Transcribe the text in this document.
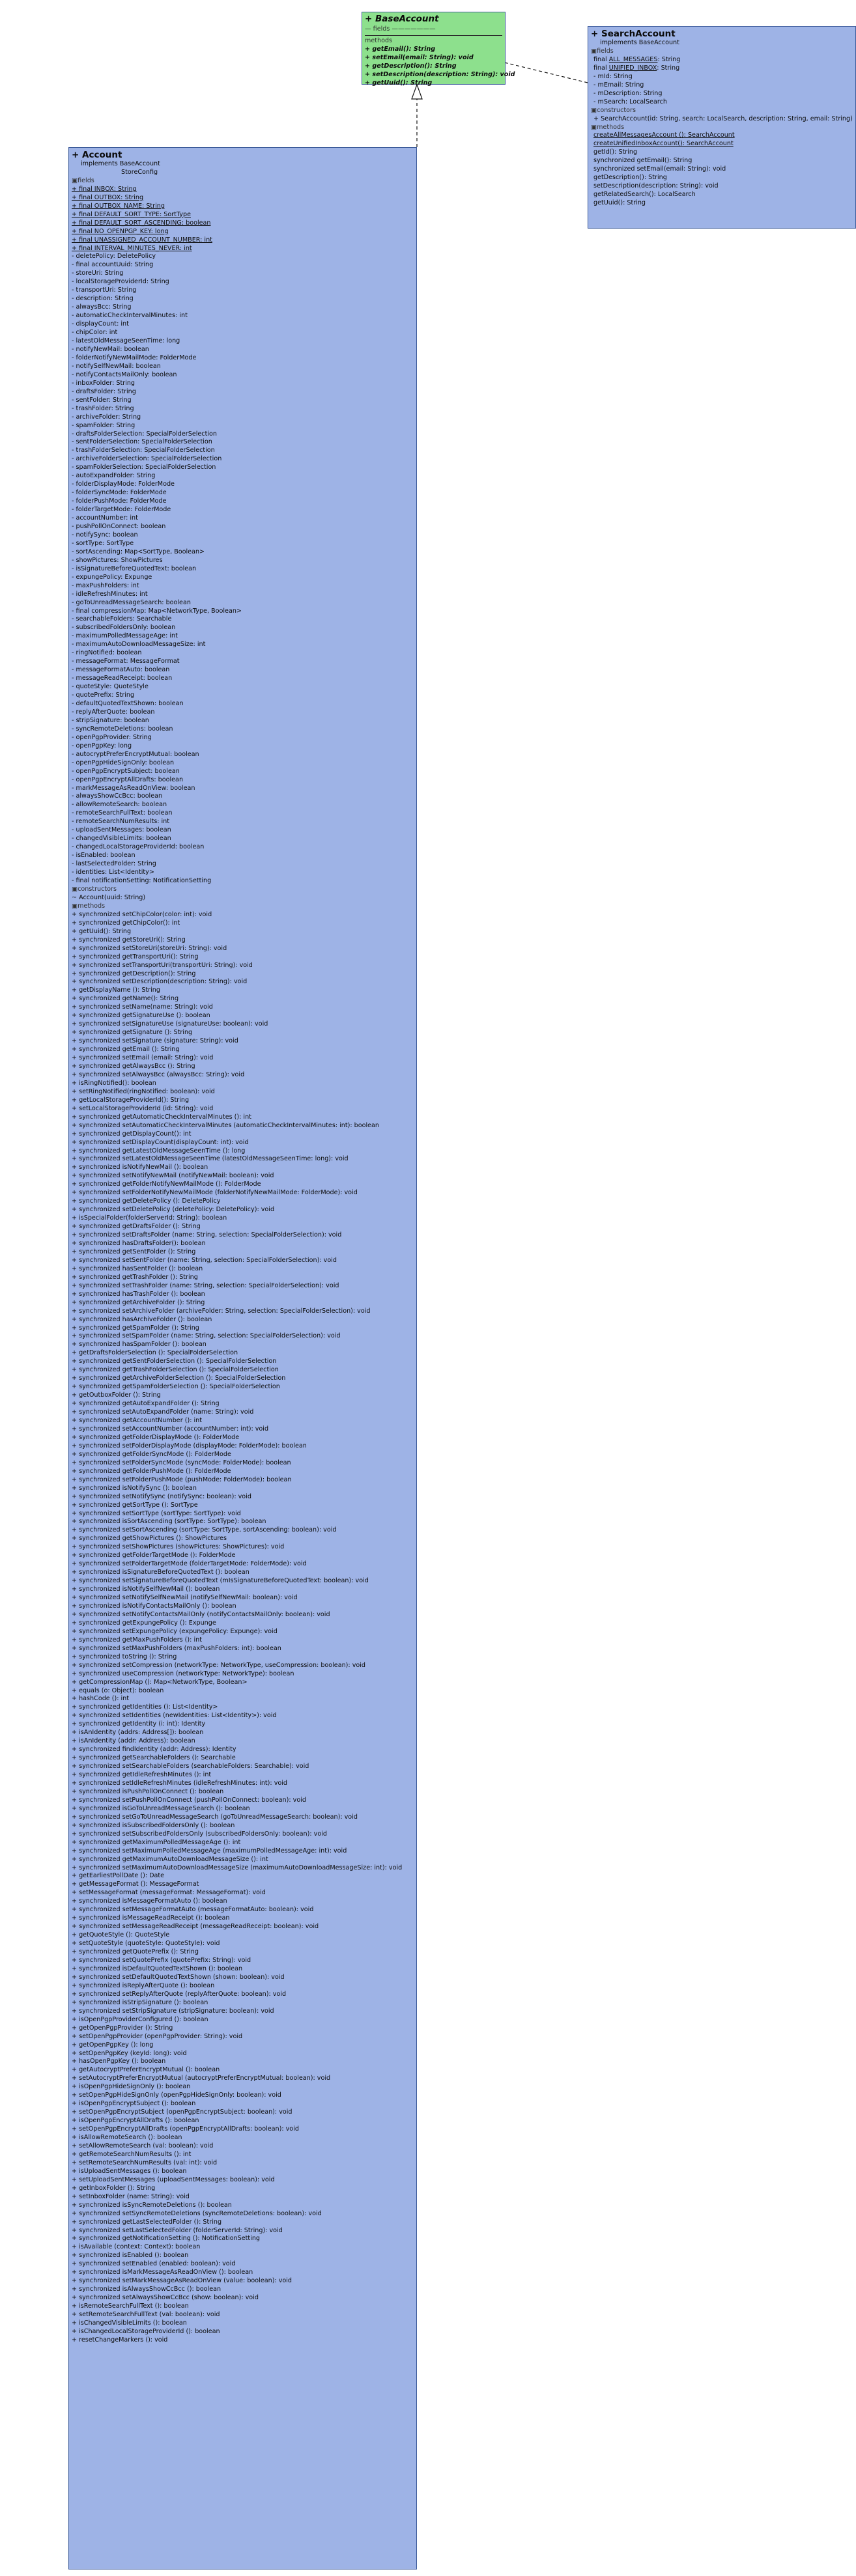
+ BaseAccount
— fields ———————
methods
+ getEmail(): String
+ setEmail(email: String): void
+ getDescription(): String
+ setDescription(description: String): void
+ getUuid(): String
+ SearchAccount
implements BaseAccount
▣fields
final ALL_MESSAGES: String
final UNIFIED_INBOX: String
- mId: String
- mEmail: String
- mDescription: String
- mSearch: LocalSearch
▣constructors
+ SearchAccount(id: String, search: LocalSearch, description: String, email: String)
▣methods
createAllMessagesAccount (): SearchAccount
createUnifiedInboxAccount(): SearchAccount
getId(): String
synchronized getEmail(): String
synchronized setEmail(email: String): void
getDescription(): String
setDescription(description: String): void
getRelatedSearch(): LocalSearch
getUuid(): String
+ Account
implements BaseAccount
StoreConfig
▣fields
+ final INBOX: String
+ final OUTBOX: String
+ final OUTBOX_NAME: String
+ final DEFAULT_SORT_TYPE: SortType
+ final DEFAULT_SORT_ASCENDING: boolean
+ final NO_OPENPGP_KEY: long
+ final UNASSIGNED_ACCOUNT_NUMBER: int
+ final INTERVAL_MINUTES_NEVER: int
- deletePolicy: DeletePolicy
- final accountUuid: String
- storeUri: String
- localStorageProviderId: String
- transportUri: String
- description: String
- alwaysBcc: String
- automaticCheckIntervalMinutes: int
- displayCount: int
- chipColor: int
- latestOldMessageSeenTime: long
- notifyNewMail: boolean
- folderNotifyNewMailMode: FolderMode
- notifySelfNewMail: boolean
- notifyContactsMailOnly: boolean
- inboxFolder: String
- draftsFolder: String
- sentFolder: String
- trashFolder: String
- archiveFolder: String
- spamFolder: String
- draftsFolderSelection: SpecialFolderSelection
- sentFolderSelection: SpecialFolderSelection
- trashFolderSelection: SpecialFolderSelection
- archiveFolderSelection: SpecialFolderSelection
- spamFolderSelection: SpecialFolderSelection
- autoExpandFolder: String
- folderDisplayMode: FolderMode
- folderSyncMode: FolderMode
- folderPushMode: FolderMode
- folderTargetMode: FolderMode
- accountNumber: int
- pushPollOnConnect: boolean
- notifySync: boolean
- sortType: SortType
- sortAscending: Map<SortType, Boolean>
- showPictures: ShowPictures
- isSignatureBeforeQuotedText: boolean
- expungePolicy: Expunge
- maxPushFolders: int
- idleRefreshMinutes: int
- goToUnreadMessageSearch: boolean
- final compressionMap: Map<NetworkType, Boolean>
- searchableFolders: Searchable
- subscribedFoldersOnly: boolean
- maximumPolledMessageAge: int
- maximumAutoDownloadMessageSize: int
- ringNotified: boolean
- messageFormat: MessageFormat
- messageFormatAuto: boolean
- messageReadReceipt: boolean
- quoteStyle: QuoteStyle
- quotePrefix: String
- defaultQuotedTextShown: boolean
- replyAfterQuote: boolean
- stripSignature: boolean
- syncRemoteDeletions: boolean
- openPgpProvider: String
- openPgpKey: long
- autocryptPreferEncryptMutual: boolean
- openPgpHideSignOnly: boolean
- openPgpEncryptSubject: boolean
- openPgpEncryptAllDrafts: boolean
- markMessageAsReadOnView: boolean
- alwaysShowCcBcc: boolean
- allowRemoteSearch: boolean
- remoteSearchFullText: boolean
- remoteSearchNumResults: int
- uploadSentMessages: boolean
- changedVisibleLimits: boolean
- changedLocalStorageProviderId: boolean
- isEnabled: boolean
- lastSelectedFolder: String
- identities: List<Identity>
- final notificationSetting: NotificationSetting
▣constructors
~ Account(uuid: String)
▣methods
+ synchronized setChipColor(color: int): void
+ synchronized getChipColor(): int
+ getUuid(): String
+ synchronized getStoreUri(): String
+ synchronized setStoreUri(storeUri: String): void
+ synchronized getTransportUri(): String
+ synchronized setTransportUri(transportUri: String): void
+ synchronized getDescription(): String
+ synchronized setDescription(description: String): void
+ getDisplayName (): String
+ synchronized getName(): String
+ synchronized setName(name: String): void
+ synchronized getSignatureUse (): boolean
+ synchronized setSignatureUse (signatureUse: boolean): void
+ synchronized getSignature (): String
+ synchronized setSignature (signature: String): void
+ synchronized getEmail (): String
+ synchronized setEmail (email: String): void
+ synchronized getAlwaysBcc (): String
+ synchronized setAlwaysBcc (alwaysBcc: String): void
+ isRingNotified(): boolean
+ setRingNotified(ringNotified: boolean): void
+ getLocalStorageProviderId(): String
+ setLocalStorageProviderId (id: String): void
+ synchronized getAutomaticCheckIntervalMinutes (): int
+ synchronized setAutomaticCheckIntervalMinutes (automaticCheckIntervalMinutes: int): boolean
+ synchronized getDisplayCount(): int
+ synchronized setDisplayCount(displayCount: int): void
+ synchronized getLatestOldMessageSeenTime (): long
+ synchronized setLatestOldMessageSeenTime (latestOldMessageSeenTime: long): void
+ synchronized isNotifyNewMail (): boolean
+ synchronized setNotifyNewMail (notifyNewMail: boolean): void
+ synchronized getFolderNotifyNewMailMode (): FolderMode
+ synchronized setFolderNotifyNewMailMode (folderNotifyNewMailMode: FolderMode): void
+ synchronized getDeletePolicy (): DeletePolicy
+ synchronized setDeletePolicy (deletePolicy: DeletePolicy): void
+ isSpecialFolder(folderServerId: String): boolean
+ synchronized getDraftsFolder (): String
+ synchronized setDraftsFolder (name: String, selection: SpecialFolderSelection): void
+ synchronized hasDraftsFolder(): boolean
+ synchronized getSentFolder (): String
+ synchronized setSentFolder (name: String, selection: SpecialFolderSelection): void
+ synchronized hasSentFolder (): boolean
+ synchronized getTrashFolder (): String
+ synchronized setTrashFolder (name: String, selection: SpecialFolderSelection): void
+ synchronized hasTrashFolder (): boolean
+ synchronized getArchiveFolder (): String
+ synchronized setArchiveFolder (archiveFolder: String, selection: SpecialFolderSelection): void
+ synchronized hasArchiveFolder (): boolean
+ synchronized getSpamFolder (): String
+ synchronized setSpamFolder (name: String, selection: SpecialFolderSelection): void
+ synchronized hasSpamFolder (): boolean
+ getDraftsFolderSelection (): SpecialFolderSelection
+ synchronized getSentFolderSelection (): SpecialFolderSelection
+ synchronized getTrashFolderSelection (): SpecialFolderSelection
+ synchronized getArchiveFolderSelection (): SpecialFolderSelection
+ synchronized getSpamFolderSelection (): SpecialFolderSelection
+ getOutboxFolder (): String
+ synchronized getAutoExpandFolder (): String
+ synchronized setAutoExpandFolder (name: String): void
+ synchronized getAccountNumber (): int
+ synchronized setAccountNumber (accountNumber: int): void
+ synchronized getFolderDisplayMode (): FolderMode
+ synchronized setFolderDisplayMode (displayMode: FolderMode): boolean
+ synchronized getFolderSyncMode (): FolderMode
+ synchronized setFolderSyncMode (syncMode: FolderMode): boolean
+ synchronized getFolderPushMode (): FolderMode
+ synchronized setFolderPushMode (pushMode: FolderMode): boolean
+ synchronized isNotifySync (): boolean
+ synchronized setNotifySync (notifySync: boolean): void
+ synchronized getSortType (): SortType
+ synchronized setSortType (sortType: SortType): void
+ synchronized isSortAscending (sortType: SortType): boolean
+ synchronized setSortAscending (sortType: SortType, sortAscending: boolean): void
+ synchronized getShowPictures (): ShowPictures
+ synchronized setShowPictures (showPictures: ShowPictures): void
+ synchronized getFolderTargetMode (): FolderMode
+ synchronized setFolderTargetMode (folderTargetMode: FolderMode): void
+ synchronized isSignatureBeforeQuotedText (): boolean
+ synchronized setSignatureBeforeQuotedText (mIsSignatureBeforeQuotedText: boolean): void
+ synchronized isNotifySelfNewMail (): boolean
+ synchronized setNotifySelfNewMail (notifySelfNewMail: boolean): void
+ synchronized isNotifyContactsMailOnly (): boolean
+ synchronized setNotifyContactsMailOnly (notifyContactsMailOnly: boolean): void
+ synchronized getExpungePolicy (): Expunge
+ synchronized setExpungePolicy (expungePolicy: Expunge): void
+ synchronized getMaxPushFolders (): int
+ synchronized setMaxPushFolders (maxPushFolders: int): boolean
+ synchronized toString (): String
+ synchronized setCompression (networkType: NetworkType, useCompression: boolean): void
+ synchronized useCompression (networkType: NetworkType): boolean
+ getCompressionMap (): Map<NetworkType, Boolean>
+ equals (o: Object): boolean
+ hashCode (): int
+ synchronized getIdentities (): List<Identity>
+ synchronized setIdentities (newIdentities: List<Identity>): void
+ synchronized getIdentity (i: int): Identity
+ isAnIdentity (addrs: Address[]): boolean
+ isAnIdentity (addr: Address): boolean
+ synchronized findIdentity (addr: Address): Identity
+ synchronized getSearchableFolders (): Searchable
+ synchronized setSearchableFolders (searchableFolders: Searchable): void
+ synchronized getIdleRefreshMinutes (): int
+ synchronized setIdleRefreshMinutes (idleRefreshMinutes: int): void
+ synchronized isPushPollOnConnect (): boolean
+ synchronized setPushPollOnConnect (pushPollOnConnect: boolean): void
+ synchronized isGoToUnreadMessageSearch (): boolean
+ synchronized setGoToUnreadMessageSearch (goToUnreadMessageSearch: boolean): void
+ synchronized isSubscribedFoldersOnly (): boolean
+ synchronized setSubscribedFoldersOnly (subscribedFoldersOnly: boolean): void
+ synchronized getMaximumPolledMessageAge (): int
+ synchronized setMaximumPolledMessageAge (maximumPolledMessageAge: int): void
+ synchronized getMaximumAutoDownloadMessageSize (): int
+ synchronized setMaximumAutoDownloadMessageSize (maximumAutoDownloadMessageSize: int): void
+ getEarliestPollDate (): Date
+ getMessageFormat (): MessageFormat
+ setMessageFormat (messageFormat: MessageFormat): void
+ synchronized isMessageFormatAuto (): boolean
+ synchronized setMessageFormatAuto (messageFormatAuto: boolean): void
+ synchronized isMessageReadReceipt (): boolean
+ synchronized setMessageReadReceipt (messageReadReceipt: boolean): void
+ getQuoteStyle (): QuoteStyle
+ setQuoteStyle (quoteStyle: QuoteStyle): void
+ synchronized getQuotePrefix (): String
+ synchronized setQuotePrefix (quotePrefix: String): void
+ synchronized isDefaultQuotedTextShown (): boolean
+ synchronized setDefaultQuotedTextShown (shown: boolean): void
+ synchronized isReplyAfterQuote (): boolean
+ synchronized setReplyAfterQuote (replyAfterQuote: boolean): void
+ synchronized isStripSignature (): boolean
+ synchronized setStripSignature (stripSignature: boolean): void
+ isOpenPgpProviderConfigured (): boolean
+ getOpenPgpProvider (): String
+ setOpenPgpProvider (openPgpProvider: String): void
+ getOpenPgpKey (): long
+ setOpenPgpKey (keyId: long): void
+ hasOpenPgpKey (): boolean
+ getAutocryptPreferEncryptMutual (): boolean
+ setAutocryptPreferEncryptMutual (autocryptPreferEncryptMutual: boolean): void
+ isOpenPgpHideSignOnly (): boolean
+ setOpenPgpHideSignOnly (openPgpHideSignOnly: boolean): void
+ isOpenPgpEncryptSubject (): boolean
+ setOpenPgpEncryptSubject (openPgpEncryptSubject: boolean): void
+ isOpenPgpEncryptAllDrafts (): boolean
+ setOpenPgpEncryptAllDrafts (openPgpEncryptAllDrafts: boolean): void
+ isAllowRemoteSearch (): boolean
+ setAllowRemoteSearch (val: boolean): void
+ getRemoteSearchNumResults (): int
+ setRemoteSearchNumResults (val: int): void
+ isUploadSentMessages (): boolean
+ setUploadSentMessages (uploadSentMessages: boolean): void
+ getInboxFolder (): String
+ setInboxFolder (name: String): void
+ synchronized isSyncRemoteDeletions (): boolean
+ synchronized setSyncRemoteDeletions (syncRemoteDeletions: boolean): void
+ synchronized getLastSelectedFolder (): String
+ synchronized setLastSelectedFolder (folderServerId: String): void
+ synchronized getNotificationSetting (): NotificationSetting
+ isAvailable (context: Context): boolean
+ synchronized isEnabled (): boolean
+ synchronized setEnabled (enabled: boolean): void
+ synchronized isMarkMessageAsReadOnView (): boolean
+ synchronized setMarkMessageAsReadOnView (value: boolean): void
+ synchronized isAlwaysShowCcBcc (): boolean
+ synchronized setAlwaysShowCcBcc (show: boolean): void
+ isRemoteSearchFullText (): boolean
+ setRemoteSearchFullText (val: boolean): void
+ isChangedVisibleLimits (): boolean
+ isChangedLocalStorageProviderId (): boolean
+ resetChangeMarkers (): void
